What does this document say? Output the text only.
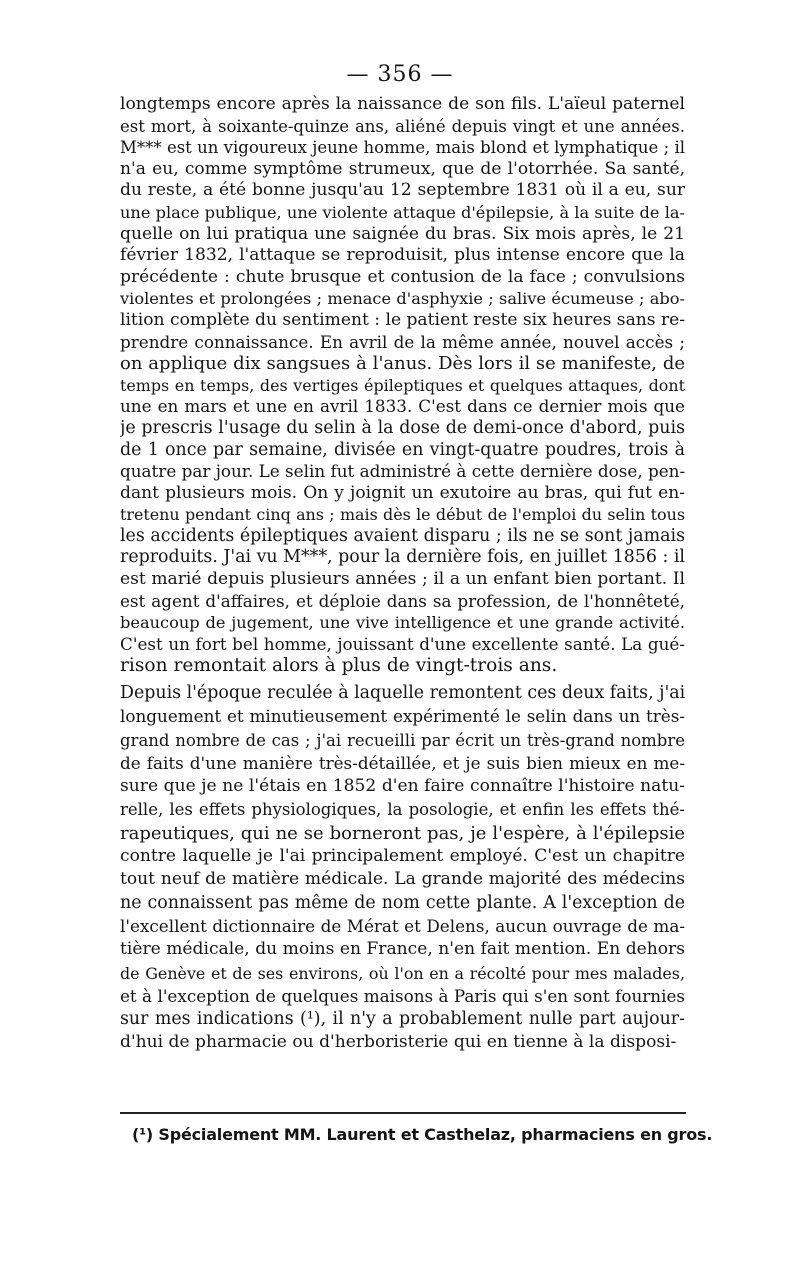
— 356 —
longtemps encore après la naissance de son fils. L'aïeul paternel
est mort, à soixante-quinze ans, aliéné depuis vingt et une années.
M*** est un vigoureux jeune homme, mais blond et lymphatique ; il
n'a eu, comme symptôme strumeux, que de l'otorrhée. Sa santé,
du reste, a été bonne jusqu'au 12 septembre 1831 où il a eu, sur
une place publique, une violente attaque d'épilepsie, à la suite de la-
quelle on lui pratiqua une saignée du bras. Six mois après, le 21
février 1832, l'attaque se reproduisit, plus intense encore que la
précédente : chute brusque et contusion de la face ; convulsions
violentes et prolongées ; menace d'asphyxie ; salive écumeuse ; abo-
lition complète du sentiment : le patient reste six heures sans re-
prendre connaissance. En avril de la même année, nouvel accès ;
on applique dix sangsues à l'anus. Dès lors il se manifeste, de
temps en temps, des vertiges épileptiques et quelques attaques, dont
une en mars et une en avril 1833. C'est dans ce dernier mois que
je prescris l'usage du selin à la dose de demi-once d'abord, puis
de 1 once par semaine, divisée en vingt-quatre poudres, trois à
quatre par jour. Le selin fut administré à cette dernière dose, pen-
dant plusieurs mois. On y joignit un exutoire au bras, qui fut en-
tretenu pendant cinq ans ; mais dès le début de l'emploi du selin tous
les accidents épileptiques avaient disparu ; ils ne se sont jamais
reproduits. J'ai vu M***, pour la dernière fois, en juillet 1856 : il
est marié depuis plusieurs années ; il a un enfant bien portant. Il
est agent d'affaires, et déploie dans sa profession, de l'honnêteté,
beaucoup de jugement, une vive intelligence et une grande activité.
C'est un fort bel homme, jouissant d'une excellente santé. La gué-
rison remontait alors à plus de vingt-trois ans.
Depuis l'époque reculée à laquelle remontent ces deux faits, j'ai
longuement et minutieusement expérimenté le selin dans un très-
grand nombre de cas ; j'ai recueilli par écrit un très-grand nombre
de faits d'une manière très-détaillée, et je suis bien mieux en me-
sure que je ne l'étais en 1852 d'en faire connaître l'histoire natu-
relle, les effets physiologiques, la posologie, et enfin les effets thé-
rapeutiques, qui ne se borneront pas, je l'espère, à l'épilepsie
contre laquelle je l'ai principalement employé. C'est un chapitre
tout neuf de matière médicale. La grande majorité des médecins
ne connaissent pas même de nom cette plante. A l'exception de
l'excellent dictionnaire de Mérat et Delens, aucun ouvrage de ma-
tière médicale, du moins en France, n'en fait mention. En dehors
de Genève et de ses environs, où l'on en a récolté pour mes malades,
et à l'exception de quelques maisons à Paris qui s'en sont fournies
sur mes indications (¹), il n'y a probablement nulle part aujour-
d'hui de pharmacie ou d'herboristerie qui en tienne à la disposi-
(¹) Spécialement MM. Laurent et Casthelaz, pharmaciens en gros.
